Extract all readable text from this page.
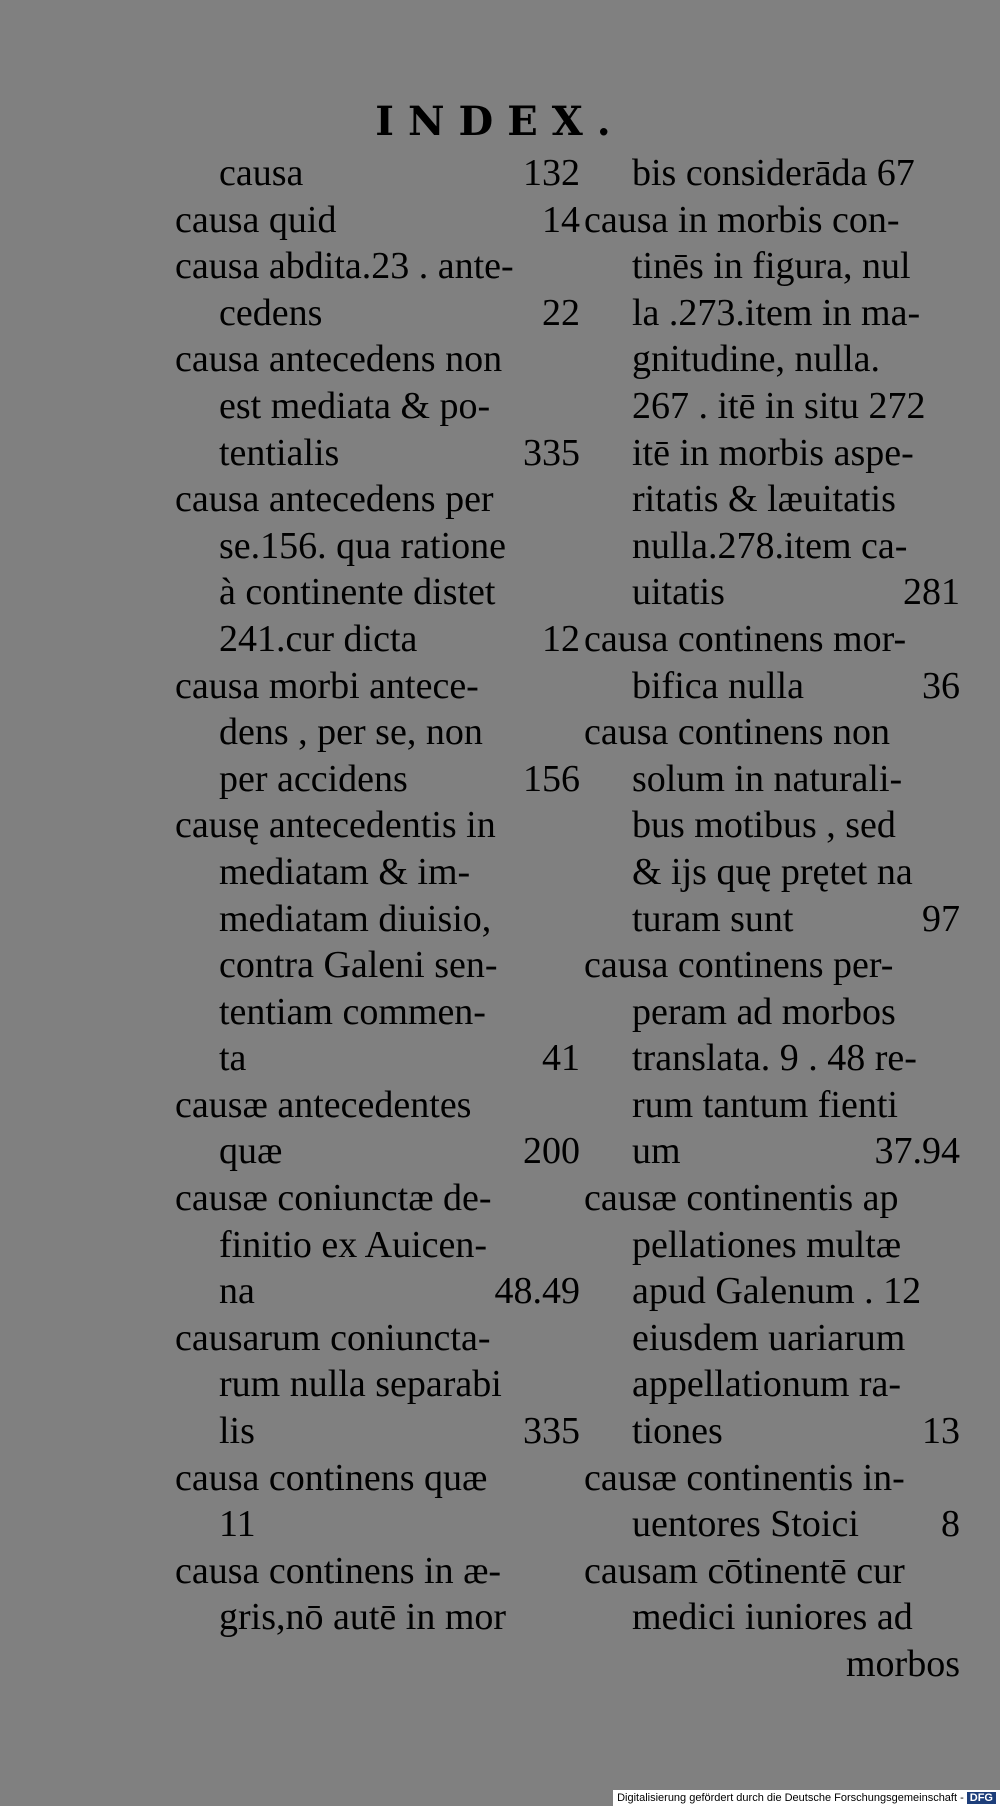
INDEX.
causa	132
causa quid	14
causa abdita.23 . ante-
cedens	22
causa antecedens non
est mediata & po-
tentialis	335
causa antecedens per
se.156. qua ratione
à continente distet
241.cur dicta	12
causa morbi antece-
dens , per se, non
per accidens	156
causę antecedentis in
mediatam & im-
mediatam diuisio,
contra Galeni sen-
tentiam commen-
ta	41
causæ antecedentes
quæ	200
causæ coniunctæ de-
finitio ex Auicen-
na	48.49
causarum coniuncta-
rum nulla separabi
lis	335
causa continens quæ
11
causa continens in æ-
gris,nō autē in mor
bis considerāda 67
causa in morbis con-
tinēs in figura, nul
la .273.item in ma-
gnitudine, nulla.
267 . itē in situ 272
itē in morbis aspe-
ritatis & læuitatis
nulla.278.item ca-
uitatis	281
causa continens mor-
bifica nulla	36
causa continens non
solum in naturali-
bus motibus , sed
& ijs quę prętet na
turam sunt	97
causa continens per-
peram ad morbos
translata. 9 . 48 re-
rum tantum fienti
um	37.94
causæ continentis ap
pellationes multæ
apud Galenum . 12
eiusdem uariarum
appellationum ra-
tiones	13
causæ continentis in-
uentores Stoici 8
causam cōtinentē cur
medici iuniores ad
morbos
Digitalisierung gefördert durch die Deutsche Forschungsgemeinschaft - DFG
